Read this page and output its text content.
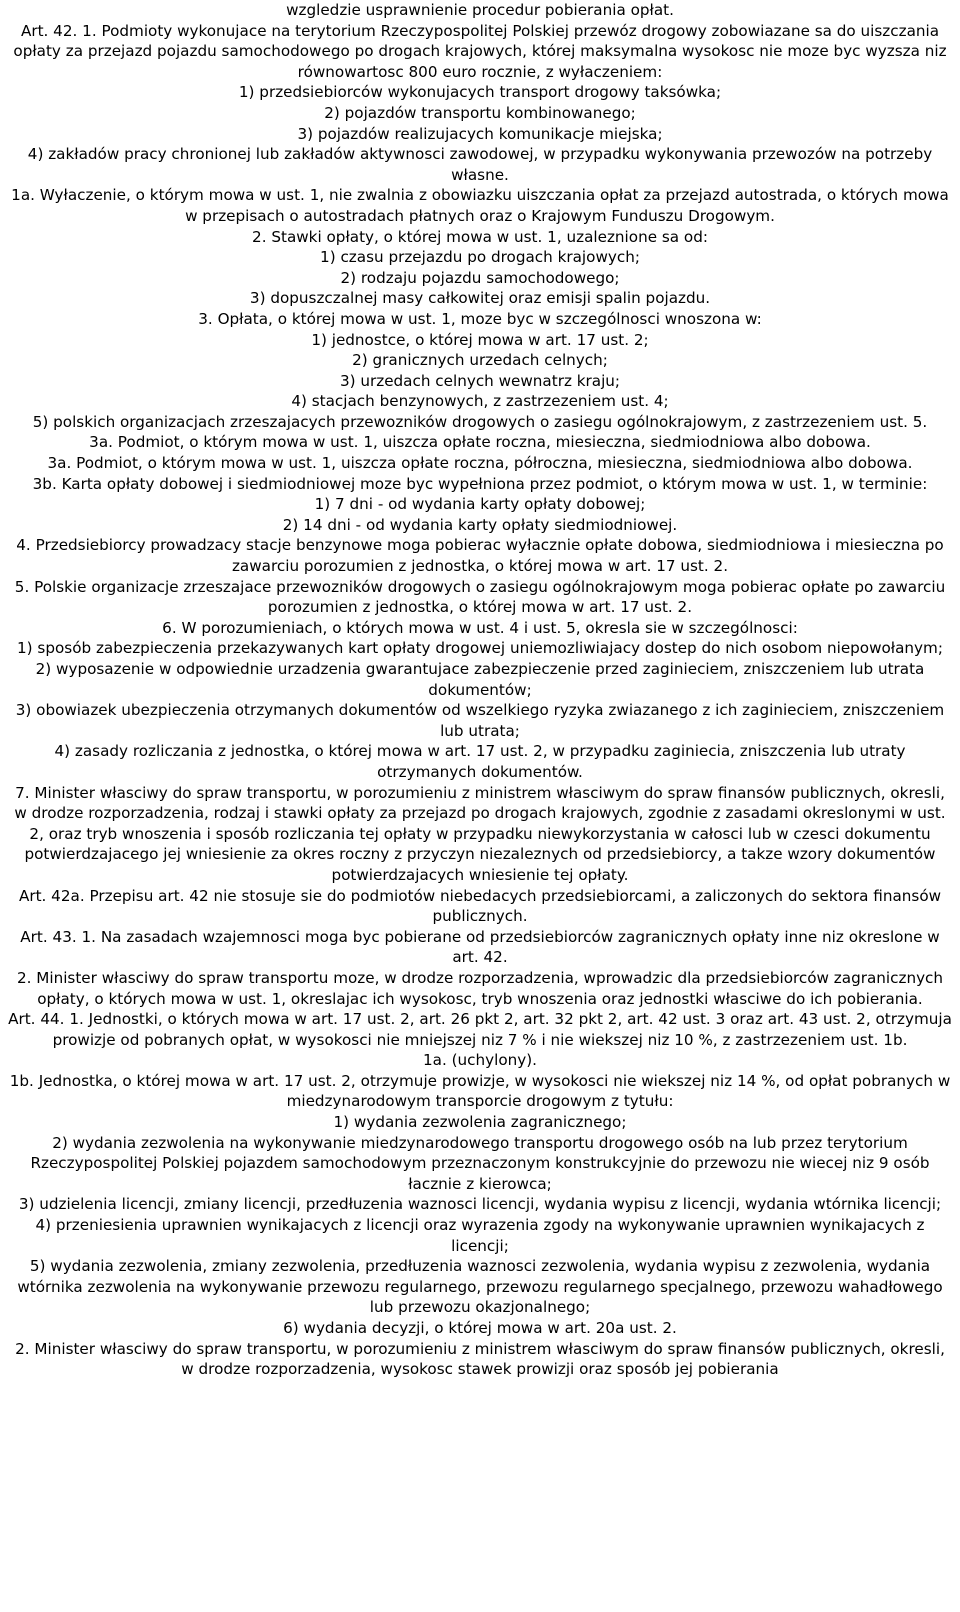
wzgledzie usprawnienie procedur pobierania opłat.

Art. 42. 1. Podmioty wykonujace na terytorium Rzeczypospolitej Polskiej przewóz drogowy zobowiazane sa do uiszczania opłaty za przejazd pojazdu samochodowego po drogach krajowych, której maksymalna wysokosc nie moze byc wyzsza niz równowartosc 800 euro rocznie, z wyłaczeniem:

1) przedsiebiorców wykonujacych transport drogowy taksówka;

2) pojazdów transportu kombinowanego;

3) pojazdów realizujacych komunikacje miejska;

4) zakładów pracy chronionej lub zakładów aktywnosci zawodowej, w przypadku wykonywania przewozów na potrzeby własne.

1a. Wyłaczenie, o którym mowa w ust. 1, nie zwalnia z obowiazku uiszczania opłat za przejazd autostrada, o których mowa w przepisach o autostradach płatnych oraz o Krajowym Funduszu Drogowym.

2. Stawki opłaty, o której mowa w ust. 1, uzaleznione sa od:

1) czasu przejazdu po drogach krajowych;

2) rodzaju pojazdu samochodowego;

3) dopuszczalnej masy całkowitej oraz emisji spalin pojazdu.

3. Opłata, o której mowa w ust. 1, moze byc w szczególnosci wnoszona w:

1) jednostce, o której mowa w art. 17 ust. 2;

2) granicznych urzedach celnych;

3) urzedach celnych wewnatrz kraju;

4) stacjach benzynowych, z zastrzezeniem ust. 4;

5) polskich organizacjach zrzeszajacych przewozników drogowych o zasiegu ogólnokrajowym, z zastrzezeniem ust. 5.

3a. Podmiot, o którym mowa w ust. 1, uiszcza opłate roczna, miesieczna, siedmiodniowa albo dobowa.

3a. Podmiot, o którym mowa w ust. 1, uiszcza opłate roczna, półroczna, miesieczna, siedmiodniowa albo dobowa.

3b. Karta opłaty dobowej i siedmiodniowej moze byc wypełniona przez podmiot, o którym mowa w ust. 1, w terminie:

1) 7 dni - od wydania karty opłaty dobowej;

2) 14 dni - od wydania karty opłaty siedmiodniowej.

4. Przedsiebiorcy prowadzacy stacje benzynowe moga pobierac wyłacznie opłate dobowa, siedmiodniowa i miesieczna po zawarciu porozumien z jednostka, o której mowa w art. 17 ust. 2.

5. Polskie organizacje zrzeszajace przewozników drogowych o zasiegu ogólnokrajowym moga pobierac opłate po zawarciu porozumien z jednostka, o której mowa w art. 17 ust. 2.

6. W porozumieniach, o których mowa w ust. 4 i ust. 5, okresla sie w szczególnosci:

1) sposób zabezpieczenia przekazywanych kart opłaty drogowej uniemozliwiajacy dostep do nich osobom niepowołanym;

2) wyposazenie w odpowiednie urzadzenia gwarantujace zabezpieczenie przed zaginieciem, zniszczeniem lub utrata dokumentów;

3) obowiazek ubezpieczenia otrzymanych dokumentów od wszelkiego ryzyka zwiazanego z ich zaginieciem, zniszczeniem lub utrata;

4) zasady rozliczania z jednostka, o której mowa w art. 17 ust. 2, w przypadku zaginiecia, zniszczenia lub utraty otrzymanych dokumentów.

7. Minister własciwy do spraw transportu, w porozumieniu z ministrem własciwym do spraw finansów publicznych, okresli, w drodze rozporzadzenia, rodzaj i stawki opłaty za przejazd po drogach krajowych, zgodnie z zasadami okreslonymi w ust. 2, oraz tryb wnoszenia i sposób rozliczania tej opłaty w przypadku niewykorzystania w całosci lub w czesci dokumentu potwierdzajacego jej wniesienie za okres roczny z przyczyn niezaleznych od przedsiebiorcy, a takze wzory dokumentów potwierdzajacych wniesienie tej opłaty.

Art. 42a. Przepisu art. 42 nie stosuje sie do podmiotów niebedacych przedsiebiorcami, a zaliczonych do sektora finansów publicznych.

Art. 43. 1. Na zasadach wzajemnosci moga byc pobierane od przedsiebiorców zagranicznych opłaty inne niz okreslone w art. 42.

2. Minister własciwy do spraw transportu moze, w drodze rozporzadzenia, wprowadzic dla przedsiebiorców zagranicznych opłaty, o których mowa w ust. 1, okreslajac ich wysokosc, tryb wnoszenia oraz jednostki własciwe do ich pobierania.

Art. 44. 1. Jednostki, o których mowa w art. 17 ust. 2, art. 26 pkt 2, art. 32 pkt 2, art. 42 ust. 3 oraz art. 43 ust. 2, otrzymuja prowizje od pobranych opłat, w wysokosci nie mniejszej niz 7 % i nie wiekszej niz 10 %, z zastrzezeniem ust. 1b.

1a. (uchylony).

1b. Jednostka, o której mowa w art. 17 ust. 2, otrzymuje prowizje, w wysokosci nie wiekszej niz 14 %, od opłat pobranych w miedzynarodowym transporcie drogowym z tytułu:

1) wydania zezwolenia zagranicznego;

2) wydania zezwolenia na wykonywanie miedzynarodowego transportu drogowego osób na lub przez terytorium Rzeczypospolitej Polskiej pojazdem samochodowym przeznaczonym konstrukcyjnie do przewozu nie wiecej niz 9 osób łacznie z kierowca;

3) udzielenia licencji, zmiany licencji, przedłuzenia waznosci licencji, wydania wypisu z licencji, wydania wtórnika licencji;

4) przeniesienia uprawnien wynikajacych z licencji oraz wyrazenia zgody na wykonywanie uprawnien wynikajacych z licencji;

5) wydania zezwolenia, zmiany zezwolenia, przedłuzenia waznosci zezwolenia, wydania wypisu z zezwolenia, wydania wtórnika zezwolenia na wykonywanie przewozu regularnego, przewozu regularnego specjalnego, przewozu wahadłowego lub przewozu okazjonalnego;

6) wydania decyzji, o której mowa w art. 20a ust. 2.

2. Minister własciwy do spraw transportu, w porozumieniu z ministrem własciwym do spraw finansów publicznych, okresli, w drodze rozporzadzenia, wysokosc stawek prowizji oraz sposób jej pobierania
